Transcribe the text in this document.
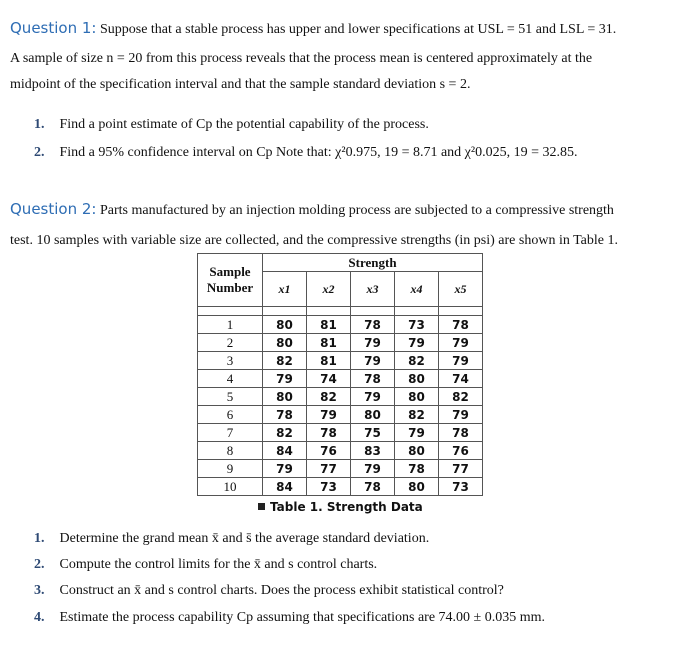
Question 1: Suppose that a stable process has upper and lower specifications at USL = 51 and LSL = 31.
A sample of size n = 20 from this process reveals that the process mean is centered approximately at the
midpoint of the specification interval and that the sample standard deviation s = 2.
1. Find a point estimate of Cp the potential capability of the process.
2. Find a 95% confidence interval on Cp Note that: χ²0.975, 19 = 8.71 and χ²0.025, 19 = 32.85.
Question 2: Parts manufactured by an injection molding process are subjected to a compressive strength
test. 10 samples with variable size are collected, and the compressive strengths (in psi) are shown in Table 1.
Sample Number	Strength				
	x1	x2	x3	x4	x5

1	80	81	78	73	78
2	80	81	79	79	79
3	82	81	79	82	79
4	79	74	78	80	74
5	80	82	79	80	82
6	78	79	80	82	79
7	82	78	75	79	78
8	84	76	83	80	76
9	79	77	79	78	77
10	84	73	78	80	73
Table 1. Strength Data
1. Determine the grand mean x̄ and s̄ the average standard deviation.
2. Compute the control limits for the x̄ and s control charts.
3. Construct an x̄ and s control charts. Does the process exhibit statistical control?
4. Estimate the process capability Cp assuming that specifications are 74.00 ± 0.035 mm.
